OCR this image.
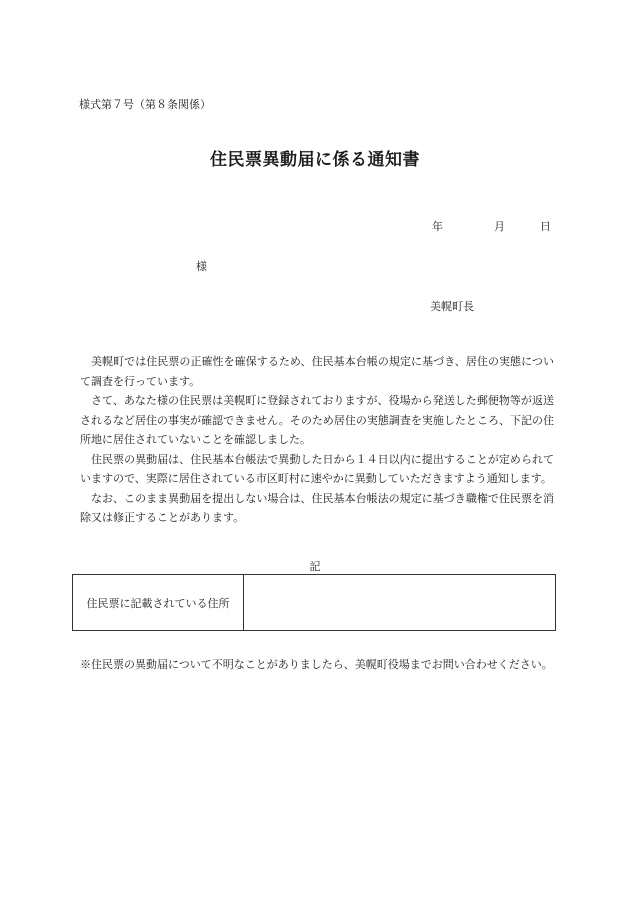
様式第７号（第８条関係）
住民票異動届に係る通知書
年	月	日
様
美幌町長

美幌町では住民票の正確性を確保するため、住民基本台帳の規定に基づき、居住の実態について調査を行っています。

さて、あなた様の住民票は美幌町に登録されておりますが、役場から発送した郵便物等が返送されるなど居住の事実が確認できません。そのため居住の実態調査を実施したところ、下記の住所地に居住されていないことを確認しました。

住民票の異動届は、住民基本台帳法で異動した日から１４日以内に提出することが定められていますので、実際に居住されている市区町村に速やかに異動していただきますよう通知します。

なお、このまま異動届を提出しない場合は、住民基本台帳法の規定に基づき職権で住民票を消除又は修正することがあります。

記
住民票に記載されている住所	
※住民票の異動届について不明なことがありましたら、美幌町役場までお問い合わせください。
